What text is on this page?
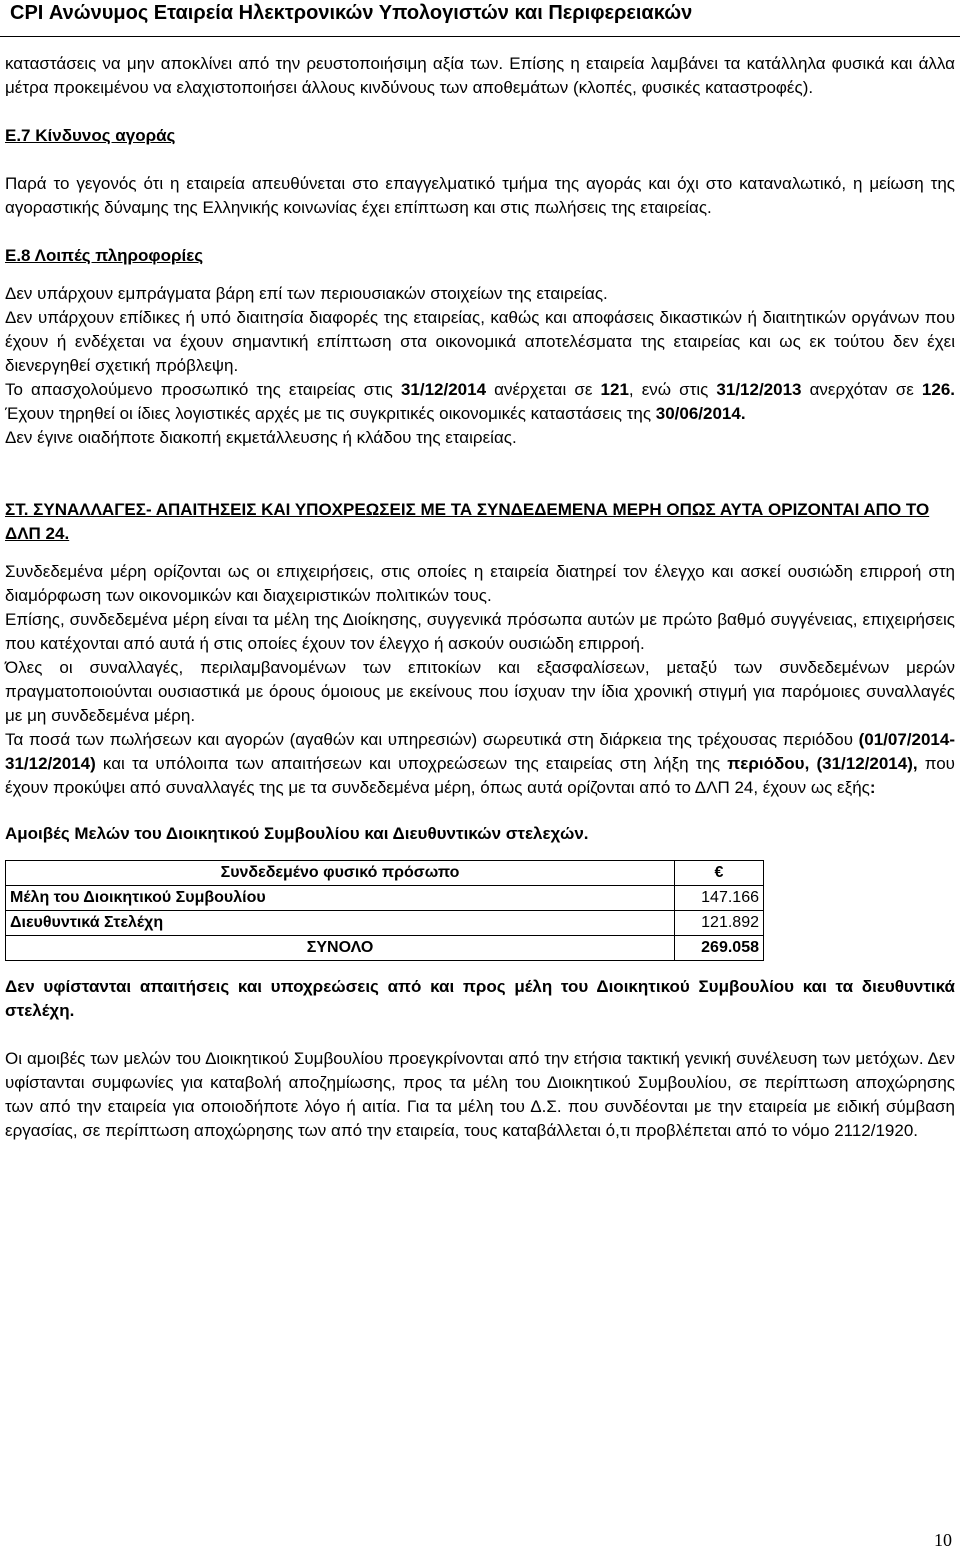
CPI Ανώνυμος Εταιρεία Ηλεκτρονικών Υπολογιστών και Περιφερειακών

καταστάσεις να μην αποκλίνει από την ρευστοποιήσιμη αξία των. Επίσης η εταιρεία λαμβάνει τα κατάλληλα φυσικά και άλλα μέτρα προκειμένου να ελαχιστοποιήσει άλλους κινδύνους των αποθεμάτων (κλοπές, φυσικές καταστροφές).

Ε.7 Κίνδυνος αγοράς

Παρά το γεγονός ότι η εταιρεία απευθύνεται στο επαγγελματικό τμήμα της αγοράς και όχι στο καταναλωτικό, η μείωση της αγοραστικής δύναμης της Ελληνικής κοινωνίας έχει επίπτωση και στις πωλήσεις της εταιρείας.

Ε.8 Λοιπές πληροφορίες

Δεν υπάρχουν εμπράγματα βάρη επί των περιουσιακών στοιχείων της εταιρείας.

Δεν υπάρχουν επίδικες ή υπό διαιτησία διαφορές της εταιρείας, καθώς και αποφάσεις δικαστικών ή διαιτητικών οργάνων που έχουν ή ενδέχεται να έχουν σημαντική επίπτωση στα οικονομικά αποτελέσματα της εταιρείας και ως εκ τούτου δεν έχει διενεργηθεί σχετική πρόβλεψη.

Το απασχολούμενο προσωπικό της εταιρείας στις 31/12/2014 ανέρχεται σε 121, ενώ στις 31/12/2013 ανερχόταν σε 126. Έχουν τηρηθεί οι ίδιες λογιστικές αρχές με τις συγκριτικές οικονομικές καταστάσεις της 30/06/2014.

Δεν έγινε οιαδήποτε διακοπή εκμετάλλευσης ή κλάδου της εταιρείας.

ΣΤ. ΣΥΝΑΛΛΑΓΕΣ- ΑΠΑΙΤΗΣΕΙΣ ΚΑΙ ΥΠΟΧΡΕΩΣΕΙΣ ΜΕ ΤΑ ΣΥΝΔΕΔΕΜΕΝΑ ΜΕΡΗ ΟΠΩΣ ΑΥΤΑ ΟΡΙΖΟΝΤΑΙ ΑΠΟ ΤΟ ΔΛΠ 24.

Συνδεδεμένα μέρη ορίζονται ως οι επιχειρήσεις, στις οποίες η εταιρεία διατηρεί τον έλεγχο και ασκεί ουσιώδη επιρροή στη διαμόρφωση των οικονομικών και διαχειριστικών πολιτικών τους.

Επίσης, συνδεδεμένα μέρη είναι τα μέλη της Διοίκησης, συγγενικά πρόσωπα αυτών με πρώτο βαθμό συγγένειας, επιχειρήσεις που κατέχονται από αυτά ή στις οποίες έχουν τον έλεγχο ή ασκούν ουσιώδη επιρροή.

Όλες οι συναλλαγές, περιλαμβανομένων των επιτοκίων και εξασφαλίσεων, μεταξύ των συνδεδεμένων μερών πραγματοποιούνται ουσιαστικά με όρους όμοιους με εκείνους που ίσχυαν την ίδια χρονική στιγμή για παρόμοιες συναλλαγές με μη συνδεδεμένα μέρη.

Τα ποσά των πωλήσεων και αγορών (αγαθών και υπηρεσιών) σωρευτικά στη διάρκεια της τρέχουσας περιόδου (01/07/2014-31/12/2014) και τα υπόλοιπα των απαιτήσεων και υποχρεώσεων της εταιρείας στη λήξη της περιόδου, (31/12/2014), που έχουν προκύψει από συναλλαγές της με τα συνδεδεμένα μέρη, όπως αυτά ορίζονται από το ΔΛΠ 24, έχουν ως εξής:

Αμοιβές Μελών του Διοικητικού Συμβουλίου και Διευθυντικών στελεχών.

Συνδεδεμένο φυσικό πρόσωπο	€
Μέλη του Διοικητικού Συμβουλίου	147.166
Διευθυντικά Στελέχη	121.892
ΣΥΝΟΛΟ	269.058

Δεν υφίστανται απαιτήσεις και υποχρεώσεις από και προς μέλη του Διοικητικού Συμβουλίου και τα διευθυντικά στελέχη.

Οι αμοιβές των μελών του Διοικητικού Συμβουλίου προεγκρίνονται από την ετήσια τακτική γενική συνέλευση των μετόχων. Δεν υφίστανται συμφωνίες για καταβολή αποζημίωσης, προς τα μέλη του Διοικητικού Συμβουλίου, σε περίπτωση αποχώρησης των από την εταιρεία για οποιοδήποτε λόγο ή αιτία. Για τα μέλη του Δ.Σ. που συνδέονται με την εταιρεία με ειδική σύμβαση εργασίας, σε περίπτωση αποχώρησης των από την εταιρεία, τους καταβάλλεται ό,τι προβλέπεται από το νόμο 2112/1920.

10
